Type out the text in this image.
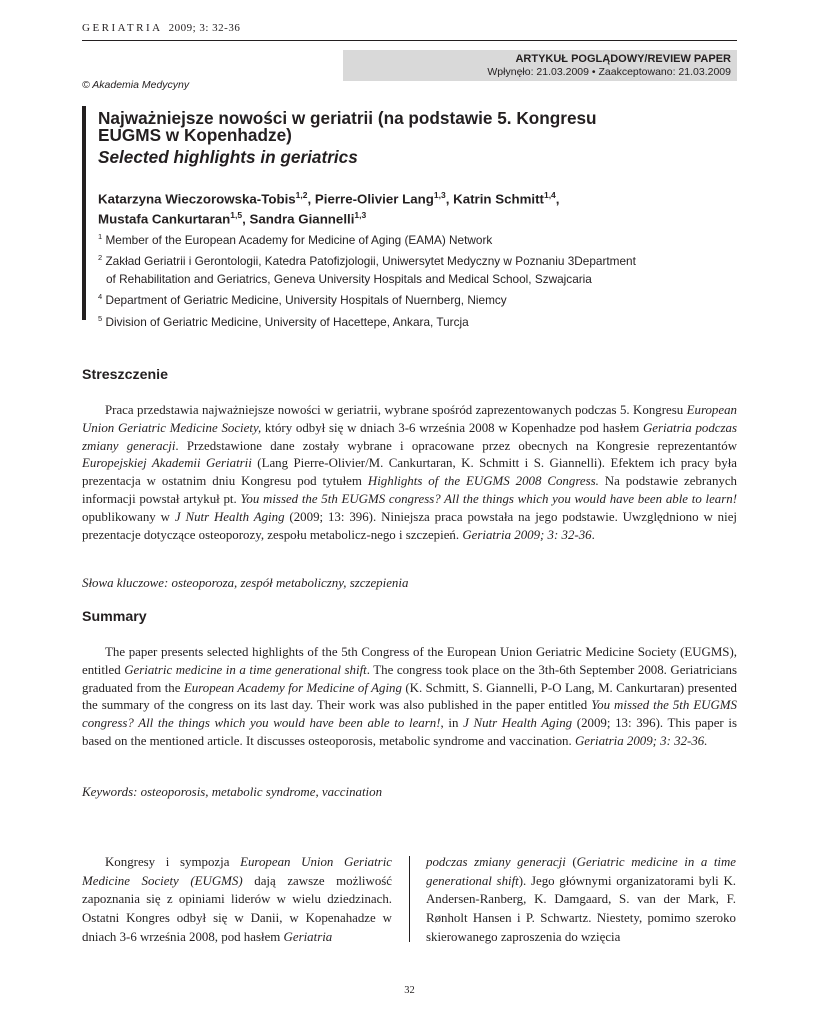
GERIATRIA 2009; 3: 32-36
ARTYKUŁ POGLĄDOWY/REVIEW PAPER
Wpłynęło: 21.03.2009 • Zaakceptowano: 21.03.2009
© Akademia Medycyny
Najważniejsze nowości w geriatrii (na podstawie 5. Kongresu
EUGMS w Kopenhadze)
Selected highlights in geriatrics
Katarzyna Wieczorowska-Tobis$^{1,2}$, Pierre-Olivier Lang$^{1,3}$, Katrin Schmitt$^{1,4}$,
Mustafa Cankurtaran$^{1,5}$, Sandra Giannelli$^{1,3}$
$^1$ Member of the European Academy for Medicine of Aging (EAMA) Network
$^2$ Zakład Geriatrii i Gerontologii, Katedra Patofizjologii, Uniwersytet Medyczny w Poznaniu 3Department
of Rehabilitation and Geriatrics, Geneva University Hospitals and Medical School, Szwajcaria
$^4$ Department of Geriatric Medicine, University Hospitals of Nuernberg, Niemcy
$^5$ Division of Geriatric Medicine, University of Hacettepe, Ankara, Turcja
Streszczenie

Praca przedstawia najważniejsze nowości w geriatrii, wybrane spośród zaprezentowanych podczas 5. Kongresu European Union Geriatric Medicine Society, który odbył się w dniach 3-6 września 2008 w Kopenhadze pod hasłem Geriatria podczas zmiany generacji. Przedstawione dane zostały wybrane i opracowane przez obecnych na Kongresie reprezentantów Europejskiej Akademii Geriatrii (Lang Pierre-Olivier/M. Cankurtaran, K. Schmitt i S. Giannelli). Efektem ich pracy była prezentacja w ostatnim dniu Kongresu pod tytułem Highlights of the EUGMS 2008 Congress. Na podstawie zebranych informacji powstał artykuł pt. You missed the 5th EUGMS congress? All the things which you would have been able to learn! opublikowany w J Nutr Health Aging (2009; 13: 396). Niniejsza praca powstała na jego podstawie. Uwzględniono w niej prezentacje dotyczące osteoporozy, zespołu metabolicz-nego i szczepień. Geriatria 2009; 3: 32-36.

Słowa kluczowe: osteoporoza, zespół metaboliczny, szczepienia
Summary

The paper presents selected highlights of the 5th Congress of the European Union Geriatric Medicine Society (EUGMS), entitled Geriatric medicine in a time generational shift. The congress took place on the 3th-6th September 2008. Geriatricians graduated from the European Academy for Medicine of Aging (K. Schmitt, S. Giannelli, P-O Lang, M. Cankurtaran) presented the summary of the congress on its last day. Their work was also published in the paper entitled You missed the 5th EUGMS congress? All the things which you would have been able to learn!, in J Nutr Health Aging (2009; 13: 396). This paper is based on the mentioned article. It discusses osteoporosis, metabolic syndrome and vaccination. Geriatria 2009; 3: 32-36.

Keywords: osteoporosis, metabolic syndrome, vaccination

Kongresy i sympozja European Union Geriatric Medicine Society (EUGMS) dają zawsze możliwość zapoznania się z opiniami liderów w wielu dziedzinach. Ostatni Kongres odbył się w Danii, w Kopenahadze w dniach 3-6 września 2008, pod hasłem Geriatria

podczas zmiany generacji (Geriatric medicine in a time generational shift). Jego głównymi organizatorami byli K. Andersen-Ranberg, K. Damgaard, S. van der Mark, F. Rønholt Hansen i P. Schwartz. Niestety, pomimo szeroko skierowanego zaproszenia do wzięcia

32
